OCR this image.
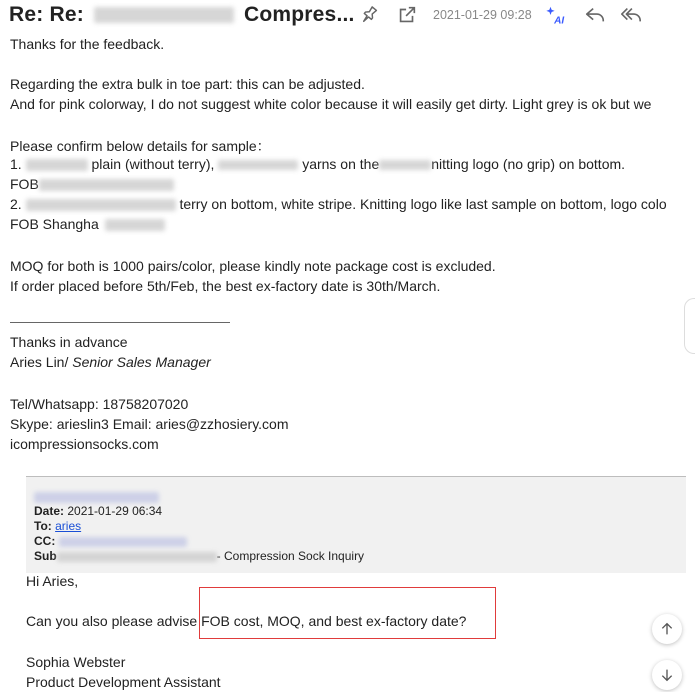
Re: Re:	Compres...	2021-01-29 09:28 AI
Thanks for the feedback.
Regarding the extra bulk in toe part: this can be adjusted.
And for pink colorway, I do not suggest white color because it will easily get dirty. Light grey is ok but we
Please confirm below details for sample：
1.	plain (without terry),	yarns on the	nitting logo (no grip) on bottom.
FOB
2.	terry on bottom, white stripe. Knitting logo like last sample on bottom, logo colo
FOB Shangha
MOQ for both is 1000 pairs/color, please kindly note package cost is excluded.
If order placed before 5th/Feb, the best ex-factory date is 30th/March.
Thanks in advance
Aries Lin/ Senior Sales Manager
Tel/Whatsapp: 18758207020
Skype: arieslin3 Email: aries@zzhosiery.com
icompressionsocks.com
Date: 2021-01-29 06:34
To: aries
CC:
Sub	- Compression Sock Inquiry
Hi Aries,
Can you also please advise FOB cost, MOQ, and best ex-factory date?
Sophia Webster
Product Development Assistant
